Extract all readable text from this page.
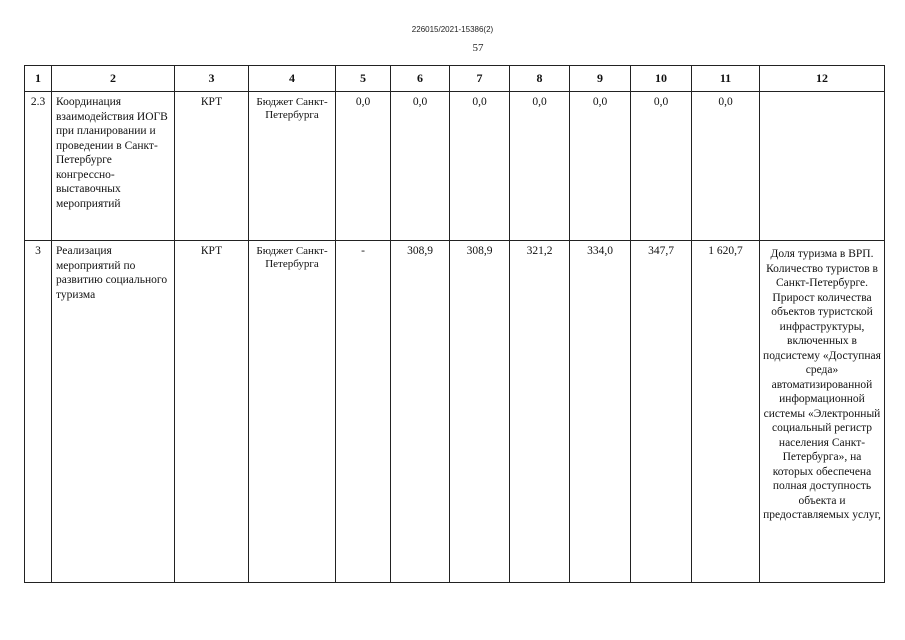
226015/2021-15386(2)
57
1	2	3	4	5	6	7	8	9	10	11	12
2.3	Координация взаимодействия ИОГВ при планировании и проведении в Санкт-Петербурге конгрессно-выставочных мероприятий	КРТ	Бюджет Санкт-Петербурга	0,0	0,0	0,0	0,0	0,0	0,0	0,0	
3	Реализация мероприятий по развитию социального туризма	КРТ	Бюджет Санкт-Петербурга	-	308,9	308,9	321,2	334,0	347,7	1 620,7	Доля туризма в ВРП. Количество туристов в Санкт-Петербурге. Прирост количества объектов туристской инфраструктуры, включенных в подсистему «Доступная среда» автоматизированной информационной системы «Электронный социальный регистр населения Санкт-Петербурга», на которых обеспечена полная доступность объекта и предоставляемых услуг,
